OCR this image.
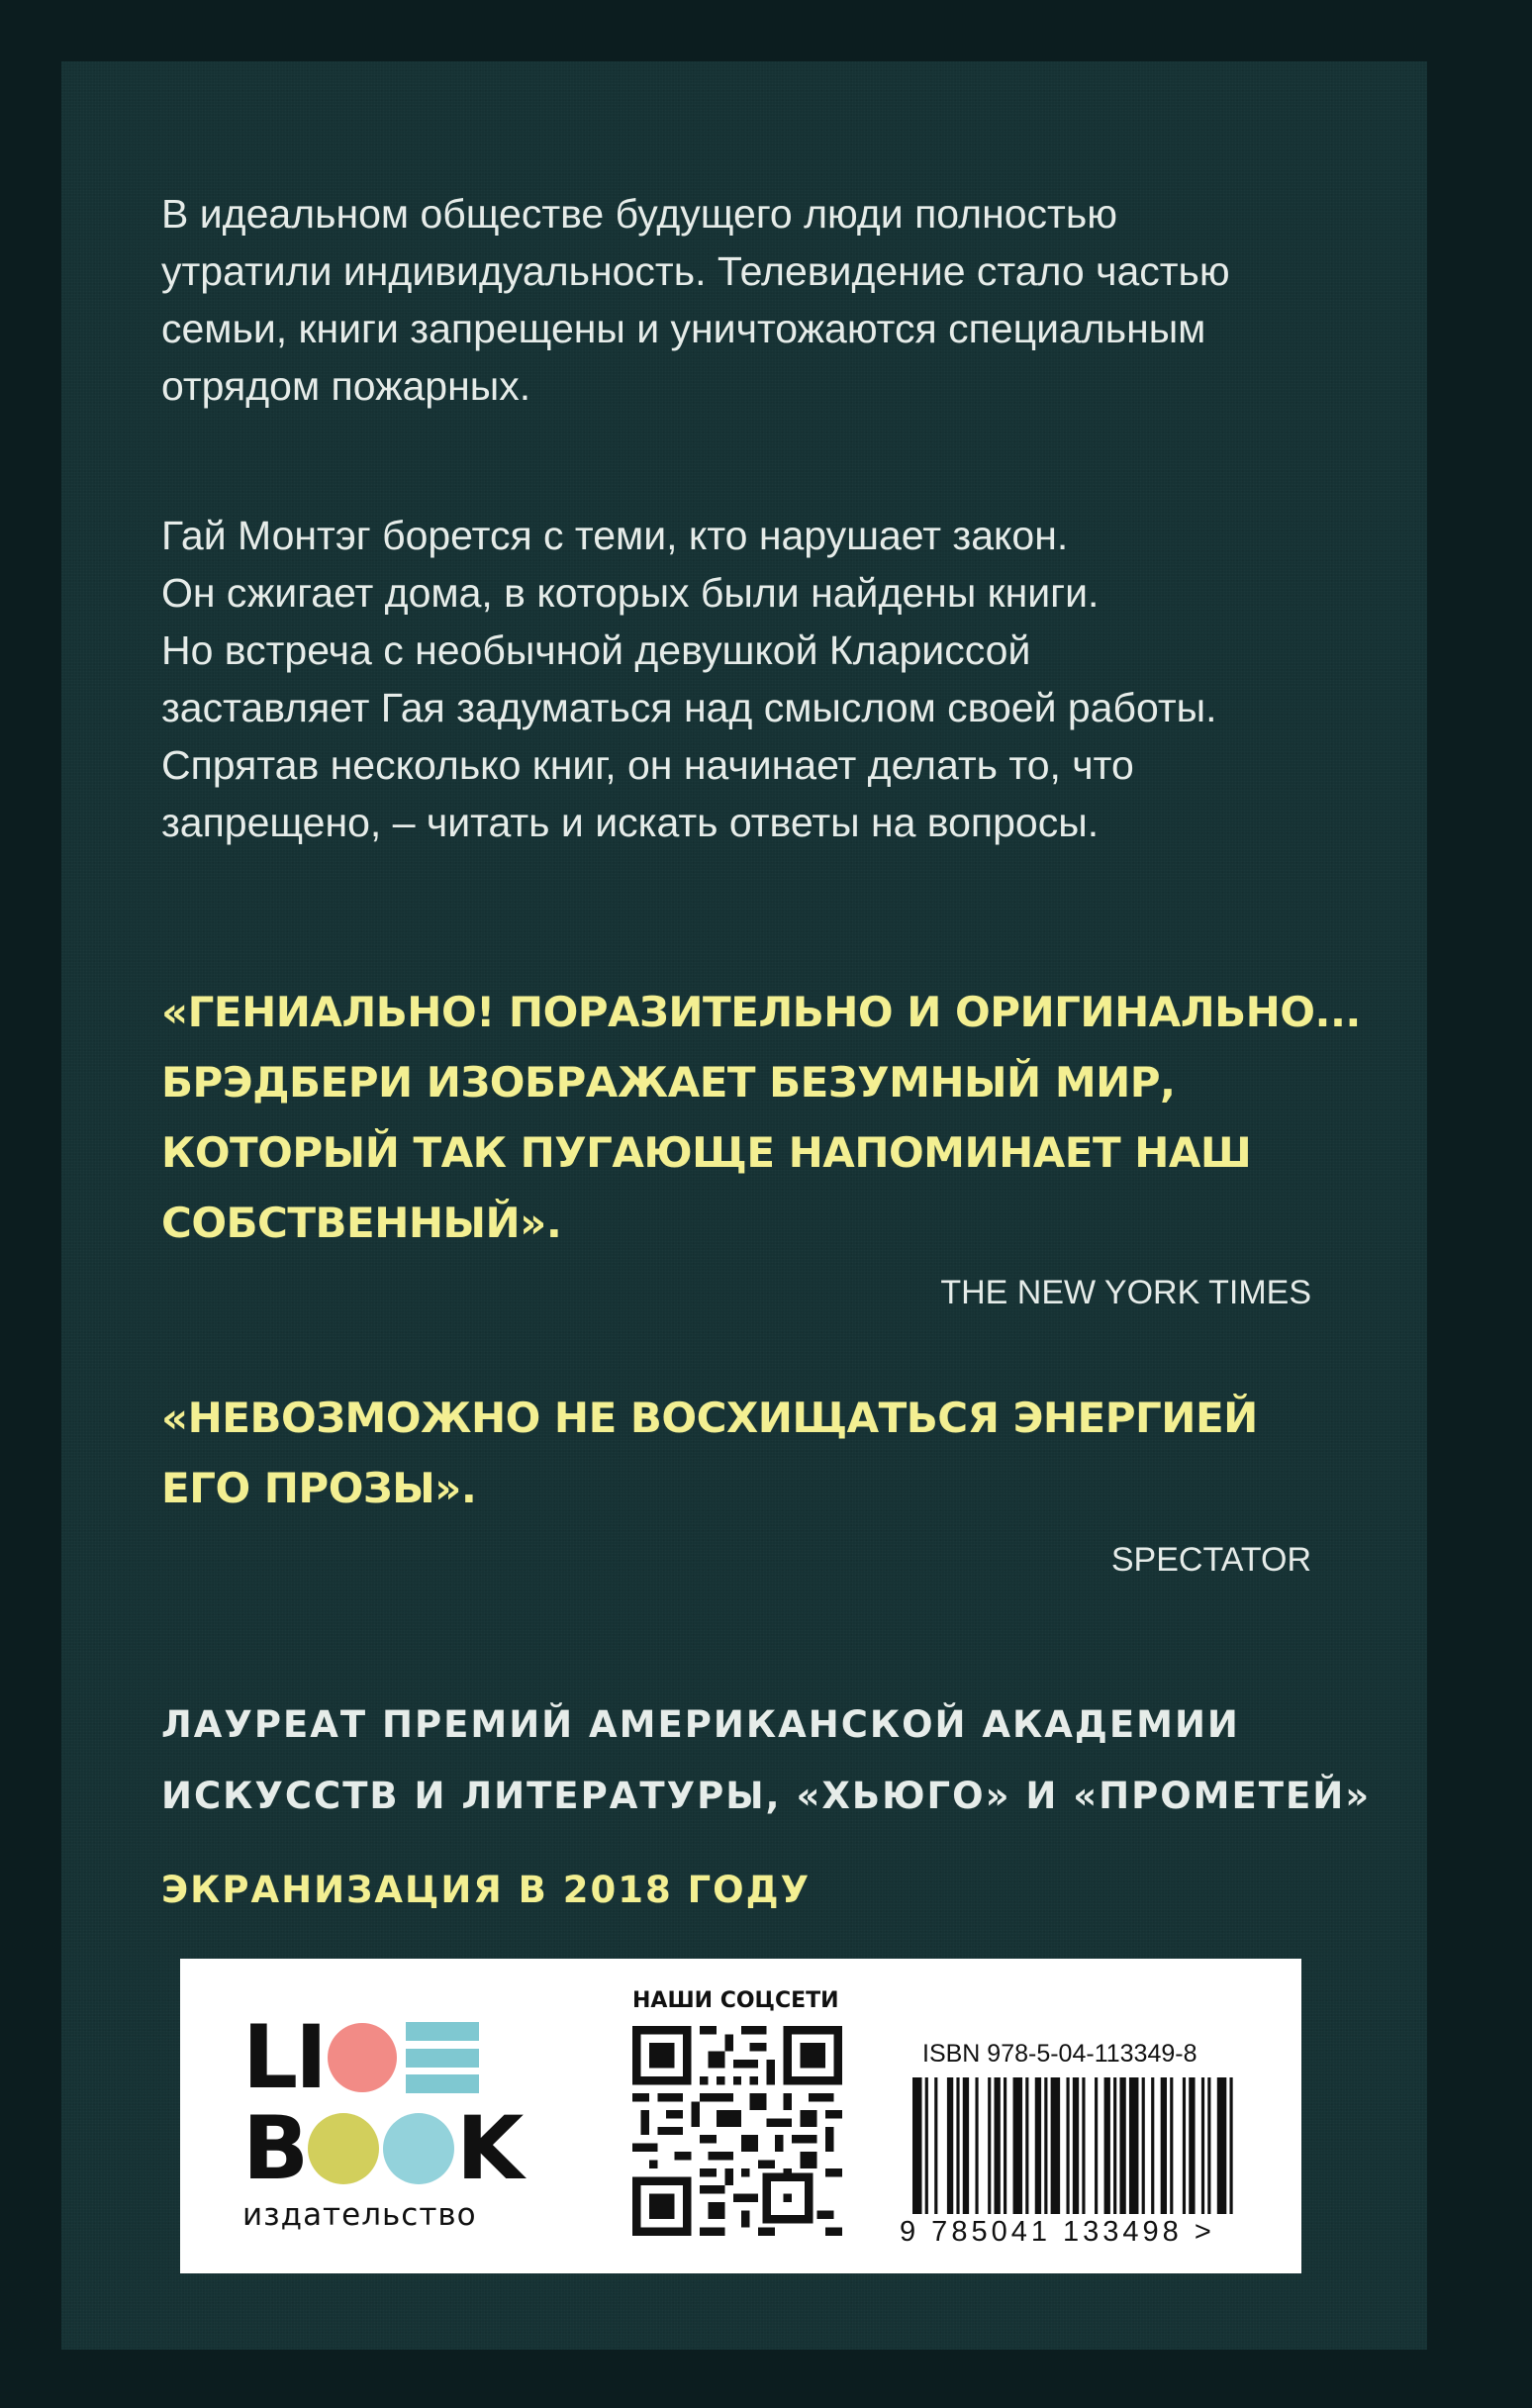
В идеальном обществе будущего люди полностью
утратили индивидуальность. Телевидение стало частью
семьи, книги запрещены и уничтожаются специальным
отрядом пожарных.
Гай Монтэг борется с теми, кто нарушает закон.
Он сжигает дома, в которых были найдены книги.
Но встреча с необычной девушкой Клариссой
заставляет Гая задуматься над смыслом своей работы.
Спрятав несколько книг, он начинает делать то, что
запрещено, – читать и искать ответы на вопросы.
«ГЕНИАЛЬНО! ПОРАЗИТЕЛЬНО И ОРИГИНАЛЬНО...
БРЭДБЕРИ ИЗОБРАЖАЕТ БЕЗУМНЫЙ МИР,
КОТОРЫЙ ТАК ПУГАЮЩЕ НАПОМИНАЕТ НАШ
СОБСТВЕННЫЙ».
THE NEW YORK TIMES
«НЕВОЗМОЖНО НЕ ВОСХИЩАТЬСЯ ЭНЕРГИЕЙ
ЕГО ПРОЗЫ».
SPECTATOR
ЛАУРЕАТ ПРЕМИЙ АМЕРИКАНСКОЙ АКАДЕМИИ
ИСКУССТВ И ЛИТЕРАТУРЫ, «ХЬЮГО» И «ПРОМЕТЕЙ»
ЭКРАНИЗАЦИЯ В 2018 ГОДУ
LI
B K
издательство
НАШИ СОЦСЕТИ
ISBN 978-5-04-113349-8
9 785041 133498 >
